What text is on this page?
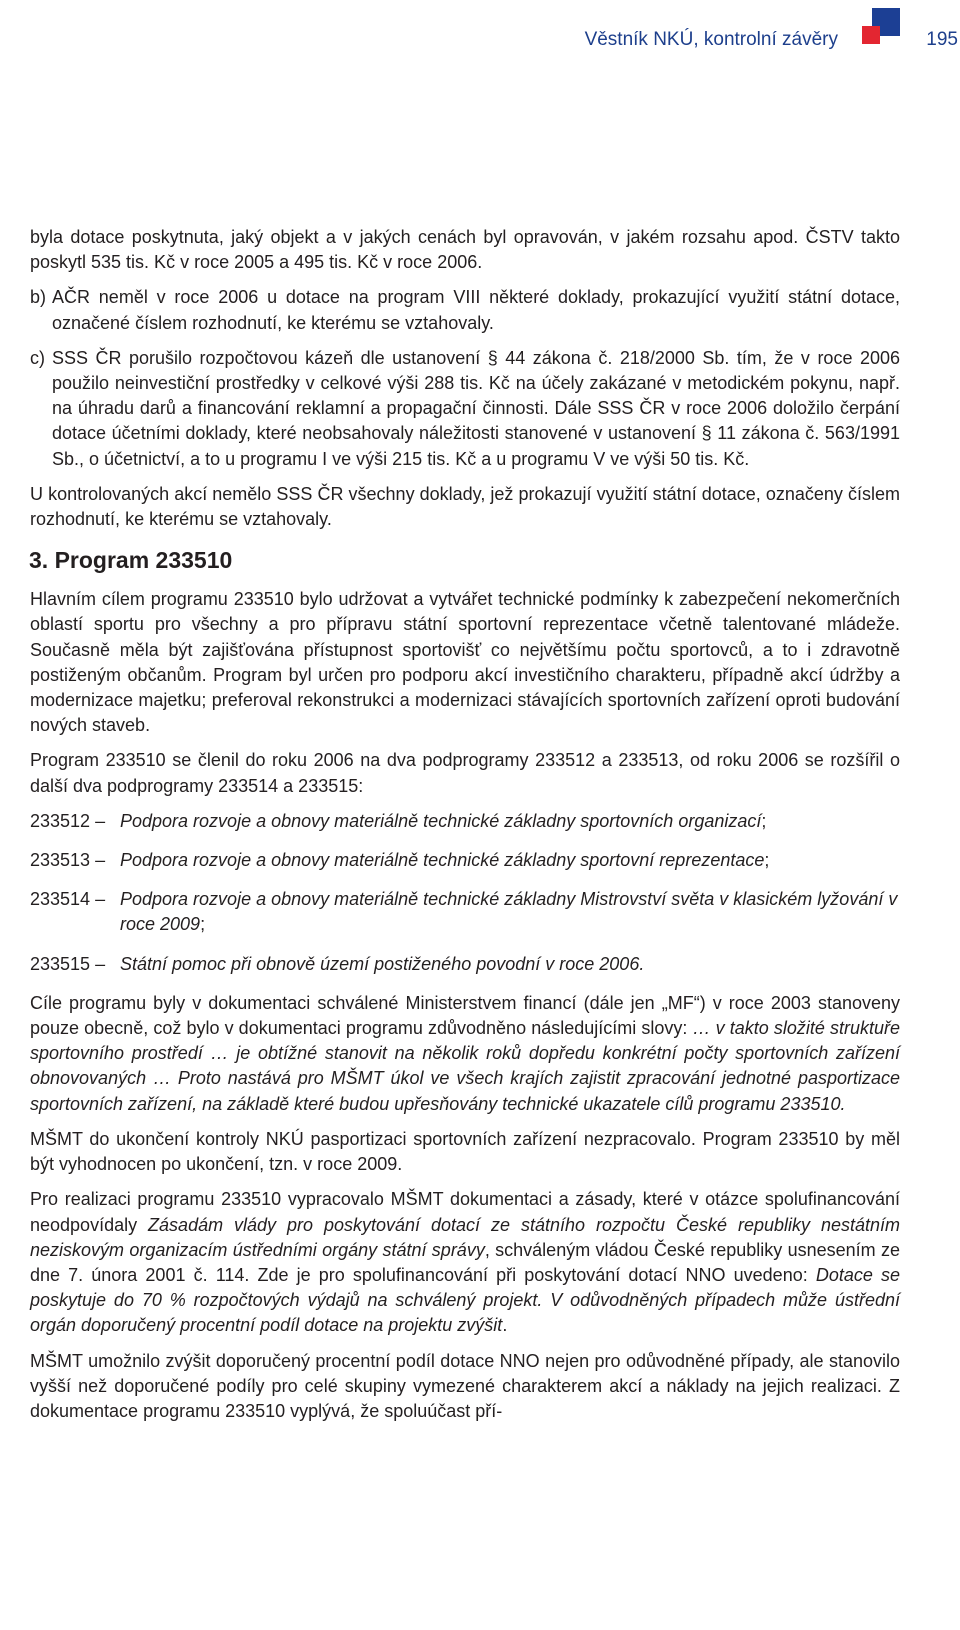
Věstník NKÚ, kontrolní závěry	195

byla dotace poskytnuta, jaký objekt a v jakých cenách byl opravován, v jakém rozsahu apod. ČSTV takto poskytl 535 tis. Kč v roce 2005 a 495 tis. Kč v roce 2006.

b) AČR neměl v roce 2006 u dotace na program VIII některé doklady, prokazující využití státní dotace, označené číslem rozhodnutí, ke kterému se vztahovaly.
c) SSS ČR porušilo rozpočtovou kázeň dle ustanovení § 44 zákona č. 218/2000 Sb. tím, že v roce 2006 použilo neinvestiční prostředky v celkové výši 288 tis. Kč na účely zakázané v metodickém pokynu, např. na úhradu darů a financování reklamní a propagační činnosti. Dále SSS ČR v roce 2006 doložilo čerpání dotace účetními doklady, které neobsahovaly náležitosti stanovené v ustanovení § 11 zákona č. 563/1991 Sb., o účetnictví, a to u programu I ve výši 215 tis. Kč a u programu V ve výši 50 tis. Kč.

U kontrolovaných akcí nemělo SSS ČR všechny doklady, jež prokazují využití státní dotace, označeny číslem rozhodnutí, ke kterému se vztahovaly.

3. Program 233510

Hlavním cílem programu 233510 bylo udržovat a vytvářet technické podmínky k zabezpečení nekomerčních oblastí sportu pro všechny a pro přípravu státní sportovní reprezentace včetně talentované mládeže. Současně měla být zajišťována přístupnost sportovišť co největšímu počtu sportovců, a to i zdravotně postiženým občanům. Program byl určen pro podporu akcí investičního charakteru, případně akcí údržby a modernizace majetku; preferoval rekonstrukci a modernizaci stávajících sportovních zařízení oproti budování nových staveb.

Program 233510 se členil do roku 2006 na dva podprogramy 233512 a 233513, od roku 2006 se rozšířil o další dva podprogramy 233514 a 233515:

233512 – Podpora rozvoje a obnovy materiálně technické základny sportovních organizací;
233513 – Podpora rozvoje a obnovy materiálně technické základny sportovní reprezentace;
233514 – Podpora rozvoje a obnovy materiálně technické základny Mistrovství světa v klasickém lyžování v roce 2009;
233515 – Státní pomoc při obnově území postiženého povodní v roce 2006.

Cíle programu byly v dokumentaci schválené Ministerstvem financí (dále jen „MF“) v roce 2003 stanoveny pouze obecně, což bylo v dokumentaci programu zdůvodněno následujícími slovy: … v takto složité struktuře sportovního prostředí … je obtížné stanovit na několik roků dopředu konkrétní počty sportovních zařízení obnovovaných … Proto nastává pro MŠMT úkol ve všech krajích zajistit zpracování jednotné pasportizace sportovních zařízení, na základě které budou upřesňovány technické ukazatele cílů programu 233510.

MŠMT do ukončení kontroly NKÚ pasportizaci sportovních zařízení nezpracovalo. Program 233510 by měl být vyhodnocen po ukončení, tzn. v roce 2009.

Pro realizaci programu 233510 vypracovalo MŠMT dokumentaci a zásady, které v otázce spolufinancování neodpovídaly Zásadám vlády pro poskytování dotací ze státního rozpočtu České republiky nestátním neziskovým organizacím ústředními orgány státní správy, schváleným vládou České republiky usnesením ze dne 7. února 2001 č. 114. Zde je pro spolufinancování při poskytování dotací NNO uvedeno: Dotace se poskytuje do 70 % rozpočtových výdajů na schválený projekt. V odůvodněných případech může ústřední orgán doporučený procentní podíl dotace na projektu zvýšit.

MŠMT umožnilo zvýšit doporučený procentní podíl dotace NNO nejen pro odůvodněné případy, ale stanovilo vyšší než doporučené podíly pro celé skupiny vymezené charakterem akcí a náklady na jejich realizaci. Z dokumentace programu 233510 vyplývá, že spoluúčast pří-
